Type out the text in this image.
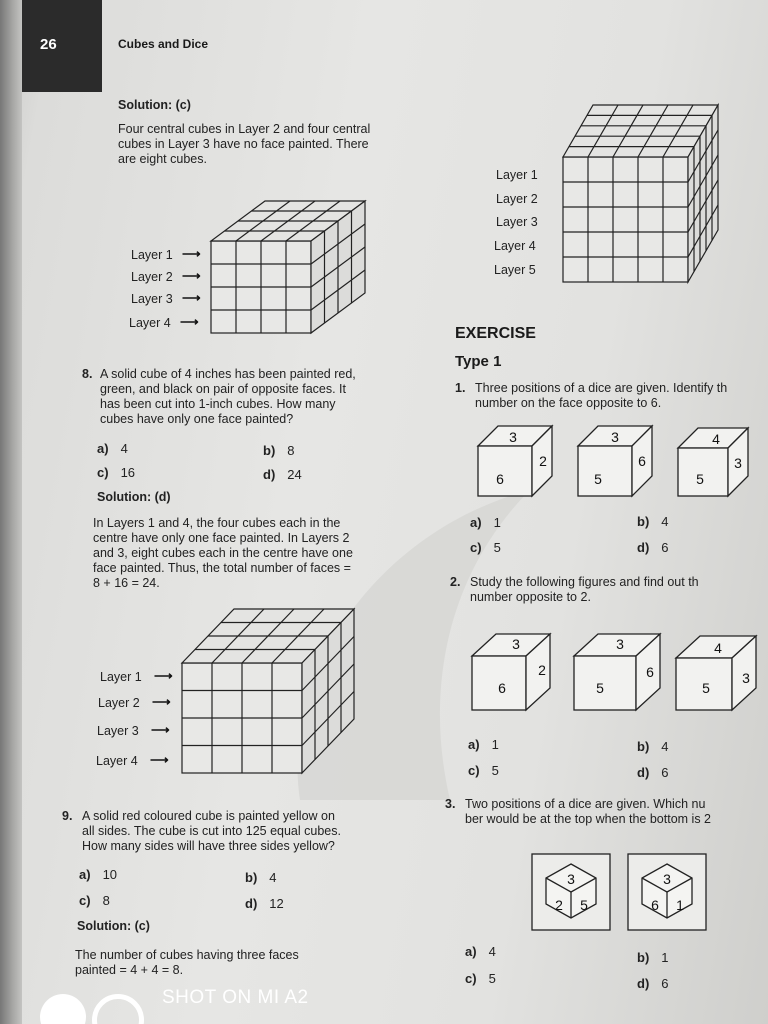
26	Cubes and Dice
Solution: (c)
Four central cubes in Layer 2 and four central
cubes in Layer 3 have no face painted. There
are eight cubes.
Layer 1
Layer 2
Layer 3
Layer 4
Layer 5
Layer 1 ⟶
Layer 2 ⟶
Layer 3 ⟶
Layer 4 ⟶
8. A solid cube of 4 inches has been painted red,
green, and black on pair of opposite faces. It
has been cut into 1-inch cubes. How many
cubes have only one face painted?
a) 4	b) 8
c) 16	d) 24
Solution: (d)
In Layers 1 and 4, the four cubes each in the
centre have only one face painted. In Layers 2
and 3, eight cubes each in the centre have one
face painted. Thus, the total number of faces =
8 + 16 = 24.
Layer 1 ⟶
Layer 2 ⟶
Layer 3 ⟶
Layer 4 ⟶
9. A solid red coloured cube is painted yellow on
all sides. The cube is cut into 125 equal cubes.
How many sides will have three sides yellow?
a) 10	b) 4
c) 8	d) 12
Solution: (c)
The number of cubes having three faces
painted = 4 + 4 = 8.
EXERCISE
Type 1
1. Three positions of a dice are given. Identify th
number on the face opposite to 6.
3
6
2
3
5
6
4
5
3
a) 1	b) 4
c) 5	d) 6
2. Study the following figures and find out th
number opposite to 2.
3
6
2
3
5
6
4
5
3
a) 1	b) 4
c) 5	d) 6
3. Two positions of a dice are given. Which nu
ber would be at the top when the bottom is 2
3
2 5
3
6 1
a) 4	b) 1
c) 5	d) 6
SHOT ON MI A2
